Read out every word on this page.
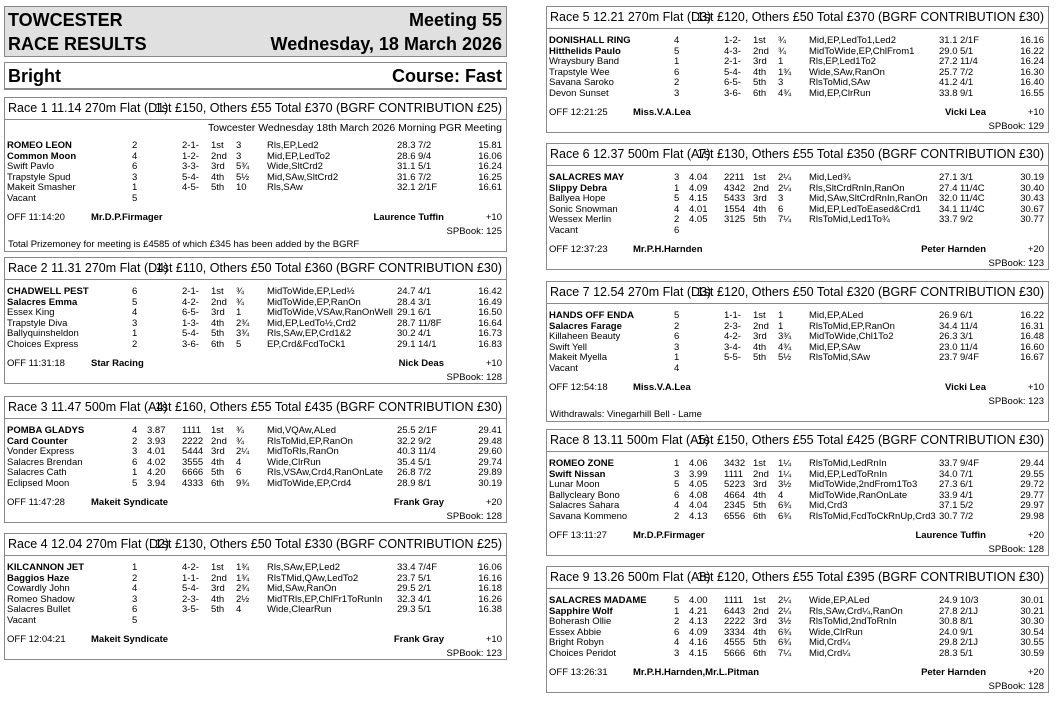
TOWCESTER
RACE RESULTS
Meeting 55
Wednesday, 18 March 2026
Bright	Course: Fast
Race 1 11.14 270m Flat (D1)
1st £150, Others £55 Total £370 (BGRF CONTRIBUTION £25)
Towcester Wednesday 18th March 2026 Morning PGR Meeting
ROMEO LEON	2	2-1- 1st 3	Rls,EP,Led2	28.3 7/2	15.81
Common Moon	4	1-2- 2nd 3	Mid,EP,LedTo2	28.6 9/4	16.06
Swift Pavlo	6	3-3- 3rd 5¾ Wide,SltCrd2	31.1 5/1	16.24
Trapstyle Spud	3	5-4- 4th 5½ Mid,SAw,SltCrd2	31.6 7/2	16.25
Makeit Smasher	1	4-5- 5th 10 Rls,SAw	32.1 2/1F	16.61
Vacant	5
OFF 11:14:20	Mr.D.P.Firmager	Laurence Tuffin	+10
SPBook: 125
Total Prizemoney for meeting is £4585 of which £345 has been added by the BGRF
Race 2 11.31 270m Flat (D4)
1st £110, Others £50 Total £360 (BGRF CONTRIBUTION £30)
CHADWELL PEST	6	2-1- 1st ¾ MidToWide,EP,Led½	24.7 4/1	16.42
Salacres Emma	5	4-2- 2nd ¾ MidToWide,EP,RanOn	28.4 3/1	16.49
Essex King	4	6-5- 3rd 1	MidToWide,VSAw,RanOnWell 29.1 6/1	16.50
Trapstyle Diva	3	1-3- 4th 2¾ Mid,EP,LedTo½,Crd2	28.7 11/8F	16.64
Ballyquinsheldon	1	5-4- 5th 3¾ Rls,SAw,EP,Crd1&2	30.2 4/1	16.73
Choices Express	2	3-6- 6th 5	EP,Crd&FcdToCk1	29.1 14/1	16.83
OFF 11:31:18	Star Racing	Nick Deas	+10
SPBook: 128
Race 3 11.47 500m Flat (A4)
1st £160, Others £55 Total £435 (BGRF CONTRIBUTION £30)
POMBA GLADYS	4 3.87 1111 1st ¾ Mid,VQAw,ALed	25.5 2/1F	29.41
Card Counter	2 3.93 2222 2nd ¾ RlsToMid,EP,RanOn	32.2 9/2	29.48
Vonder Express	3 4.01 5444 3rd 2¼ MidToRls,RanOn	40.3 11/4	29.60
Salacres Brendan	6 4.02 3555 4th 4	Wide,ClrRun	35.4 5/1	29.74
Salacres Cath	1 4.20 6666 5th 6	Rls,VSAw,Crd4,RanOnLate 26.8 7/2	29.89
Eclipsed Moon	5 3.94 4333 6th 9¾ MidToWide,EP,Crd4	28.9 8/1	30.19
OFF 11:47:28	Makeit Syndicate	Frank Gray	+20
SPBook: 128
Race 4 12.04 270m Flat (D2)
1st £130, Others £50 Total £330 (BGRF CONTRIBUTION £25)
KILCANNON JET	1	4-2- 1st 1¾ Rls,SAw,EP,Led2	33.4 7/4F	16.06
Baggios Haze	2	1-1- 2nd 1¾ RlsTMid,QAw,LedTo2	23.7 5/1	16.16
Cowardly John	4	5-4- 3rd 2¾ Mid,SAw,RanOn	29.5 2/1	16.18
Romeo Shadow	3	2-3- 4th 2½ MidTRls,EP,ChlFr1ToRunIn 32.3 4/1	16.26
Salacres Bullet	6	3-5- 5th 4	Wide,ClearRun	29.3 5/1	16.38
Vacant	5
OFF 12:04:21	Makeit Syndicate	Frank Gray	+10
SPBook: 123
Race 5 12.21 270m Flat (D3)
1st £120, Others £50 Total £370 (BGRF CONTRIBUTION £30)
DONISHALL RING	4	1-2- 1st ¾ Mid,EP,LedTo1,Led2	31.1 2/1F	16.16
Hitthelids Paulo	5	4-3- 2nd ¾ MidToWide,EP,ChlFrom1	29.0 5/1	16.22
Wraysbury Band	1	2-1- 3rd 1	Rls,EP,Led1To2	27.2 11/4	16.24
Trapstyle Wee	6	5-4- 4th 1¾ Wide,SAw,RanOn	25.7 7/2	16.30
Savana Saroko	2	6-5- 5th 3	RlsToMid,SAw	41.2 4/1	16.40
Devon Sunset	3	3-6- 6th 4¾ Mid,EP,ClrRun	33.8 9/1	16.55
OFF 12:21:25	Miss.V.A.Lea	Vicki Lea	+10
SPBook: 129
Race 6 12.37 500m Flat (A7)
1st £130, Others £55 Total £350 (BGRF CONTRIBUTION £30)
SALACRES MAY	3 4.04 2211 1st 2¼ Mid,Led¾	27.1 3/1	30.19
Slippy Debra	1 4.09 4342 2nd 2¼ Rls,SltCrdRnIn,RanOn	27.4 11/4C	30.40
Ballyea Hope	5 4.15 5433 3rd 3	Mid,SAw,SltCrdRnIn,RanOn 32.0 11/4C	30.43
Sonic Snowman	4 4.01 1554 4th 6	Mid,EP,LedToEased&Crd1 34.1 11/4C	30.67
Wessex Merlin	2 4.05 3125 5th 7¼ RlsToMid,Led1To¾	33.7 9/2	30.77
Vacant	6
OFF 12:37:23	Mr.P.H.Harnden	Peter Harnden	+20
SPBook: 123
Race 7 12.54 270m Flat (D3)
1st £120, Others £50 Total £320 (BGRF CONTRIBUTION £30)
HANDS OFF ENDA	5	1-1- 1st 1	Mid,EP,ALed	26.9 6/1	16.22
Salacres Farage	2	2-3- 2nd 1	RlsToMid,EP,RanOn	34.4 11/4	16.31
Killaheen Beauty	6	4-2- 3rd 3¾ MidToWide,Chl1To2	26.3 3/1	16.48
Swift Yell	3	3-4- 4th 4¾ Mid,EP,SAw	23.0 11/4	16.60
Makeit Myella	1	5-5- 5th 5½ RlsToMid,SAw	23.7 9/4F	16.67
Vacant	4
OFF 12:54:18	Miss.V.A.Lea	Vicki Lea	+10
SPBook: 123
Withdrawals: Vinegarhill Bell - Lame
Race 8 13.11 500m Flat (A5)
1st £150, Others £55 Total £425 (BGRF CONTRIBUTION £30)
ROMEO ZONE	1 4.06 3432 1st 1¼ RlsToMid,LedRnIn	33.7 9/4F	29.44
Swift Nissan	3 3.99 1111 2nd 1¼ Mid,EP,LedToRnIn	34.0 7/1	29.55
Lunar Moon	5 4.05 5223 3rd 3½ MidToWide,2ndFrom1To3 27.3 6/1	29.72
Ballycleary Bono	6 4.08 4664 4th 4	MidToWide,RanOnLate	33.9 4/1	29.77
Salacres Sahara	4 4.04 2345 5th 6¾ Mid,Crd3	37.1 5/2	29.97
Savana Kommeno	2 4.13 6556 6th 6¾ RlsToMid,FcdToCkRnUp,Crd3 30.7 7/2	29.98
OFF 13:11:27	Mr.D.P.Firmager	Laurence Tuffin	+20
SPBook: 128
Race 9 13.26 500m Flat (A8)
1st £120, Others £55 Total £395 (BGRF CONTRIBUTION £30)
SALACRES MADAME	5 4.00 1111 1st 2¼ Wide,EP,ALed	24.9 10/3	30.01
Sapphire Wolf	1 4.21 6443 2nd 2¼ Rls,SAw,Crd¼,RanOn	27.8 2/1J	30.21
Boherash Ollie	2 4.13 2222 3rd 3½ RlsToMid,2ndToRnIn	30.8 8/1	30.30
Essex Abbie	6 4.09 3334 4th 6¾ Wide,ClrRun	24.0 9/1	30.54
Bright Robyn	4 4.16 4555 5th 6¾ Mid,Crd¼	29.8 2/1J	30.55
Choices Peridot	3 4.15 5666 6th 7¼ Mid,Crd¼	28.3 5/1	30.59
OFF 13:26:31	Mr.P.H.Harnden,Mr.L.Pitman	Peter Harnden	+20
SPBook: 128
